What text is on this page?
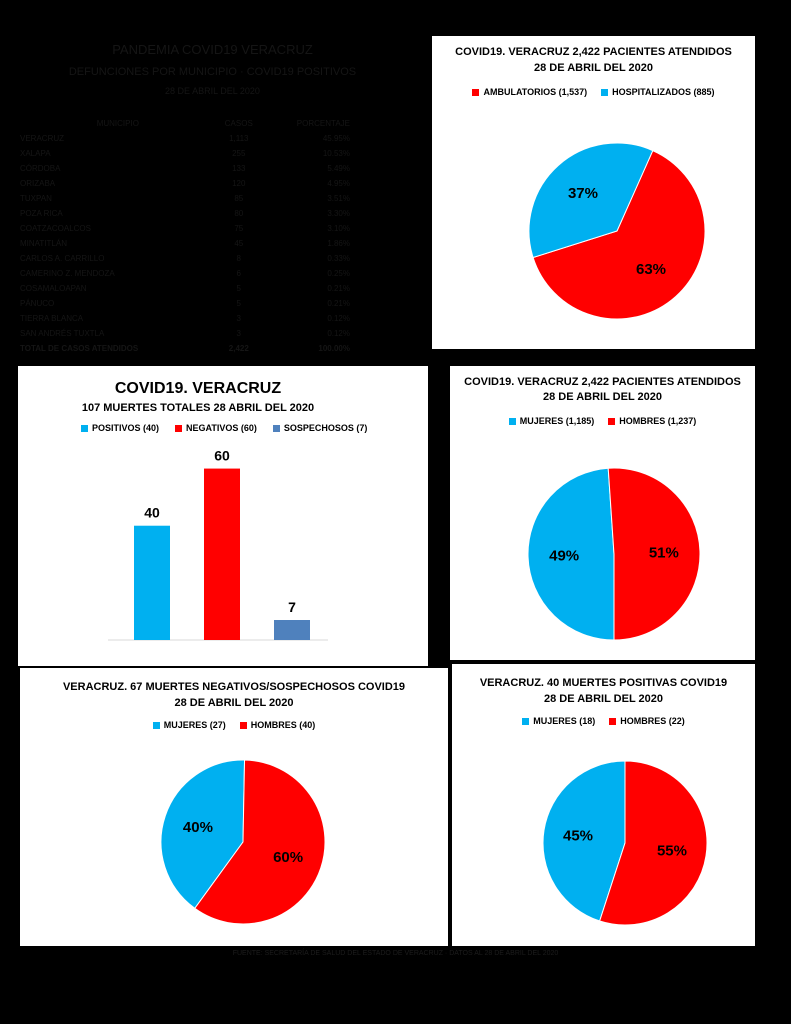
PANDEMIA COVID19 VERACRUZ
DEFUNCIONES POR MUNICIPIO · COVID19 POSITIVOS
28 DE ABRIL DEL 2020
MUNICIPIO	CASOS	PORCENTAJE
VERACRUZ	1,113	45.95%
XALAPA	255	10.53%
CÓRDOBA	133	5.49%
ORIZABA	120	4.95%
TUXPAN	85	3.51%
POZA RICA	80	3.30%
COATZACOALCOS	75	3.10%
MINATITLÁN	45	1.86%
CARLOS A. CARRILLO	8	0.33%
CAMERINO Z. MENDOZA	6	0.25%
COSAMALOAPAN	5	0.21%
PÁNUCO	5	0.21%
TIERRA BLANCA	3	0.12%
SAN ANDRÉS TUXTLA	3	0.12%
TOTAL DE CASOS ATENDIDOS	2,422	100.00%
COVID19. VERACRUZ 2,422 PACIENTES ATENDIDOS
28 DE ABRIL DEL 2020
AMBULATORIOS (1,537)	HOSPITALIZADOS (885)
63%
37%
COVID19. VERACRUZ
107 MUERTES TOTALES 28 ABRIL DEL 2020
POSITIVOS (40)	NEGATIVOS (60)	SOSPECHOSOS (7)
40
60
7
COVID19. VERACRUZ 2,422 PACIENTES ATENDIDOS
28 DE ABRIL DEL 2020
MUJERES (1,185)	HOMBRES (1,237)
49%	51%
VERACRUZ. 67 MUERTES NEGATIVOS/SOSPECHOSOS COVID19
28 DE ABRIL DEL 2020
MUJERES (27)	HOMBRES (40)
40%
60%
VERACRUZ. 40 MUERTES POSITIVAS COVID19
28 DE ABRIL DEL 2020
MUJERES (18)	HOMBRES (22)
45%
55%
FUENTE: SECRETARÍA DE SALUD DEL ESTADO DE VERACRUZ · DATOS AL 28 DE ABRIL DEL 2020
